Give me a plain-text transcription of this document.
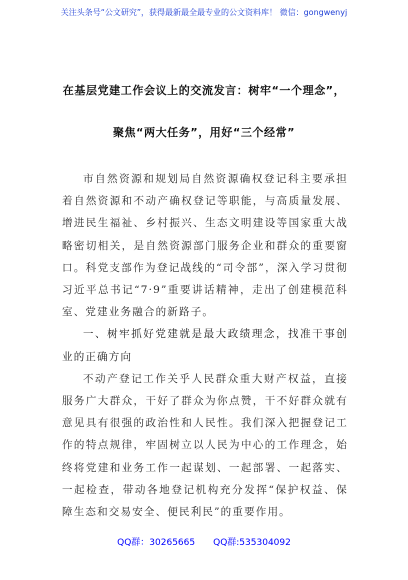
关注头条号“公文研究”，获得最新最全最专业的公文资料库！ 微信：gongwenyj
在基层党建工作会议上的交流发言：树牢“一个理念”，
聚焦“两大任务”，用好“三个经常”

市自然资源和规划局自然资源确权登记科主要承担着自然资源和不动产确权登记等职能，与高质量发展、增进民生福祉、乡村振兴、生态文明建设等国家重大战略密切相关，是自然资源部门服务企业和群众的重要窗口。科党支部作为登记战线的“司令部”，深入学习贯彻习近平总书记“7·9”重要讲话精神，走出了创建模范科室、党建业务融合的新路子。

一、树牢抓好党建就是最大政绩理念，找准干事创业的正确方向

不动产登记工作关乎人民群众重大财产权益，直接服务广大群众，干好了群众为你点赞，干不好群众就有意见具有很强的政治性和人民性。我们深入把握登记工作的特点规律，牢固树立以人民为中心的工作理念，始终将党建和业务工作一起谋划、一起部署、一起落实、一起检查，带动各地登记机构充分发挥“保护权益、保障生态和交易安全、便民利民”的重要作用。

QQ群：30265665 QQ群:535304092
